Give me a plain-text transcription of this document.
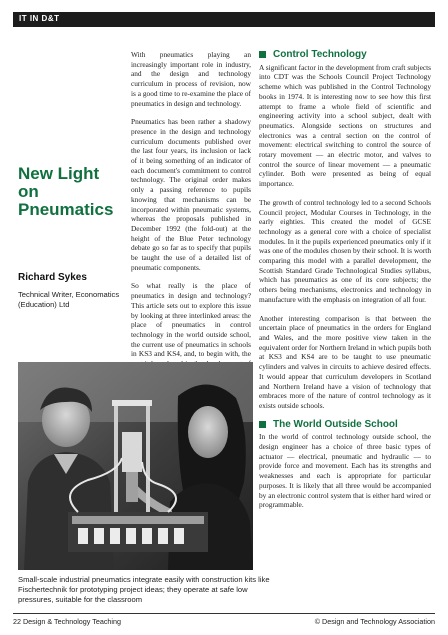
IT IN D&T
New Light
on
Pneumatics
Richard Sykes
Technical Writer, Economatics (Education) Ltd

With pneumatics playing an increasingly important role in industry, and the design and technology curriculum in process of revision, now is a good time to re-examine the place of pneumatics in design and technology.

Pneumatics has been rather a shadowy presence in the design and technology curriculum documents published over the last four years, its inclusion or lack of it being something of an indicator of each document's commitment to control technology. The original order makes only a passing reference to pupils knowing that mechanisms can be incorporated within pneumatic systems, whereas the proposals published in December 1992 (the fold-out) at the height of the Blue Peter technology debate go so far as to specify that pupils be taught the use of a detailed list of pneumatic components.

So what really is the place of pneumatics in design and technology? This article sets out to explore this issue by looking at three interlinked areas: the place of pneumatics in control technology in the world outside school, the current use of pneumatics in schools in KS3 and KS4, and, to begin with, the

Control Technology

A significant factor in the development from craft subjects into CDT was the Schools Council Project Technology scheme which was published in the Control Technology books in 1974. It is interesting now to see how this first attempt to frame a whole field of scientific and engineering activity into a school subject, dealt with pneumatics. Alongside sections on structures and electronics was a central section on the control of movement: electrical switching to control the source of rotary movement — an electric motor, and valves to control the source of linear movement — a pneumatic cylinder. Both were presented as being of equal importance.

The growth of control technology led to a second Schools Council project, Modular Courses in Technology, in the early eighties. This created the model of GCSE technology as a general core with a choice of specialist modules. In it the pupils experienced pneumatics only if it was one of the modules chosen by their school. It is worth comparing this model with a parallel development, the Scottish Standard Grade Technological Studies syllabus, which has pneumatics as one of its core subjects; the others being mechanisms, electronics and technology in manufacture with the emphasis on integration of all four.

Another interesting comparison is that between the uncertain place of pneumatics in the orders for England and Wales, and the more positive view taken in the equivalent order for Northern Ireland in which pupils both at KS3 and KS4 are to be taught to use pneumatic cylinders and valves in circuits to achieve desired effects. It would appear that curriculum developers in Scotland and Northern Ireland have a vision of technology that embraces more of the nature of control technology as it exists outside schools.

The World Outside School

In the world of control technology outside school, the design engineer has a choice of three basic types of actuator — electrical, pneumatic and hydraulic — to provide force and movement. Each has its strengths and weaknesses and each is appropriate for particular purposes. It is likely that all three would be accompanied by an electronic control system that is either hard wired or programmable.

Small-scale industrial pneumatics integrate easily with construction kits like Fischertechnik for prototyping project ideas; they operate at safe low pressures, suitable for the classroom
22 Design & Technology Teaching	© Design and Technology Association
